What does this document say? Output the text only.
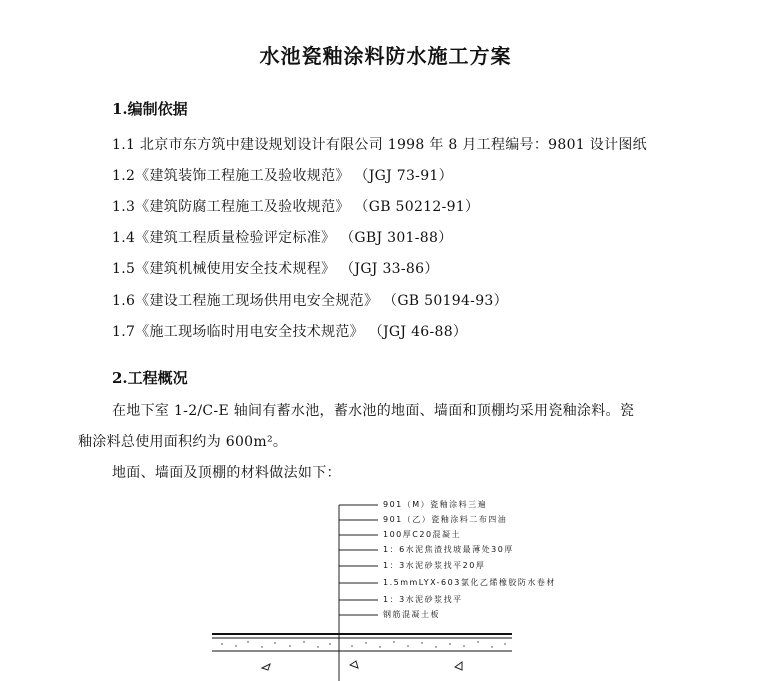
水池瓷釉涂料防水施工方案
1.编制依据
1.1 北京市东方筑中建设规划设计有限公司 1998 年 8 月工程编号：9801 设计图纸
1.2《建筑装饰工程施工及验收规范》 （JGJ 73-91）
1.3《建筑防腐工程施工及验收规范》 （GB 50212-91）
1.4《建筑工程质量检验评定标准》 （GBJ 301-88）
1.5《建筑机械使用安全技术规程》 （JGJ 33-86）
1.6《建设工程施工现场供用电安全规范》 （GB 50194-93）
1.7《施工现场临时用电安全技术规范》 （JGJ 46-88）
2.工程概况
在地下室 1-2/C-E 轴间有蓄水池，蓄水池的地面、墙面和顶棚均采用瓷釉涂料。瓷
釉涂料总使用面积约为 600m²。
地面、墙面及顶棚的材料做法如下：
901（M）瓷釉涂料三遍
901（乙）瓷釉涂料二布四油
100厚C20混凝土
1：6水泥焦渣找坡最薄处30厚
1：3水泥砂浆找平20厚
1.5mmLYX-603氯化乙烯橡胶防水卷材
1：3水泥砂浆找平
钢筋混凝土板
